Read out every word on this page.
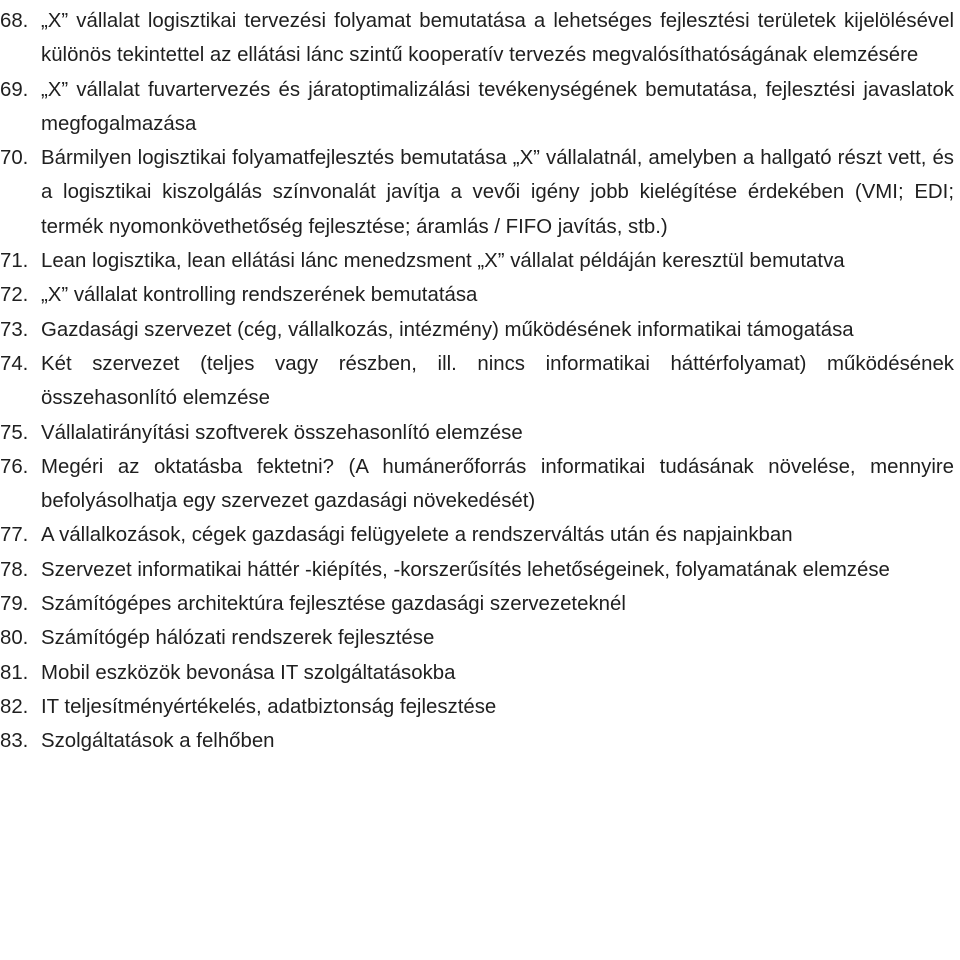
68. „X” vállalat logisztikai tervezési folyamat bemutatása a lehetséges fejlesztési területek kijelölésével különös tekintettel az ellátási lánc szintű kooperatív tervezés megvalósíthatóságának elemzésére
69. „X” vállalat fuvartervezés és járatoptimalizálási tevékenységének bemutatása, fejlesztési javaslatok megfogalmazása
70. Bármilyen logisztikai folyamatfejlesztés bemutatása „X” vállalatnál, amelyben a hallgató részt vett, és a logisztikai kiszolgálás színvonalát javítja a vevői igény jobb kielégítése érdekében (VMI; EDI; termék nyomonkövethetőség fejlesztése; áramlás / FIFO javítás, stb.)
71. Lean logisztika, lean ellátási lánc menedzsment „X” vállalat példáján keresztül bemutatva
72. „X” vállalat kontrolling rendszerének bemutatása
73. Gazdasági szervezet (cég, vállalkozás, intézmény) működésének informatikai támogatása
74. Két szervezet (teljes vagy részben, ill. nincs informatikai háttérfolyamat) működésének összehasonlító elemzése
75. Vállalatirányítási szoftverek összehasonlító elemzése
76. Megéri az oktatásba fektetni? (A humánerőforrás informatikai tudásának növelése, mennyire befolyásolhatja egy szervezet gazdasági növekedését)
77. A vállalkozások, cégek gazdasági felügyelete a rendszerváltás után és napjainkban
78. Szervezet informatikai háttér -kiépítés, -korszerűsítés lehetőségeinek, folyamatának elemzése
79. Számítógépes architektúra fejlesztése gazdasági szervezeteknél
80. Számítógép hálózati rendszerek fejlesztése
81. Mobil eszközök bevonása IT szolgáltatásokba
82. IT teljesítményértékelés, adatbiztonság fejlesztése
83. Szolgáltatások a felhőben
